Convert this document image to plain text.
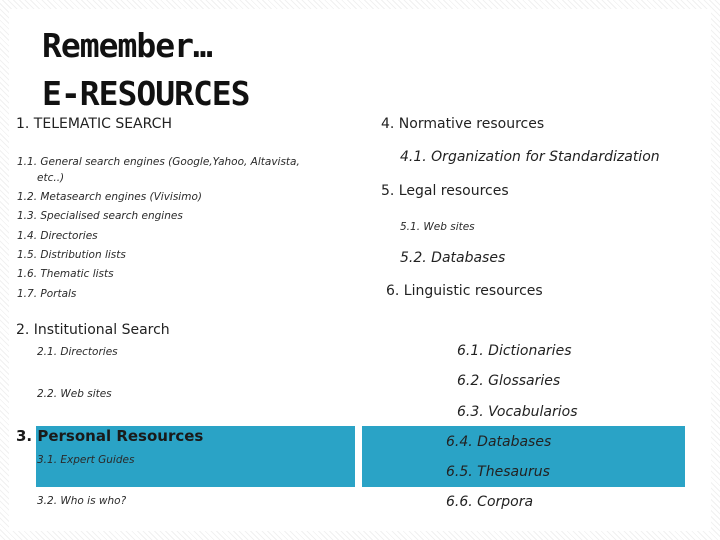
Remember…
E-RESOURCES
1. TELEMATIC SEARCH
1.1. General search engines (Google,Yahoo, Altavista,
etc..)
1.2. Metasearch engines (Vivisimo)
1.3. Specialised search engines
1.4. Directories
1.5. Distribution lists
1.6. Thematic lists
1.7. Portals
2. Institutional Search
2.1. Directories
2.2. Web sites
3. Personal Resources
3.1. Expert Guides
3.2. Who is who?
4. Normative resources
4.1. Organization for Standardization
5. Legal resources
5.1. Web sites
5.2. Databases
6. Linguistic resources
6.1. Dictionaries
6.2. Glossaries
6.3. Vocabularios
6.4. Databases
6.5. Thesaurus
6.6. Corpora
